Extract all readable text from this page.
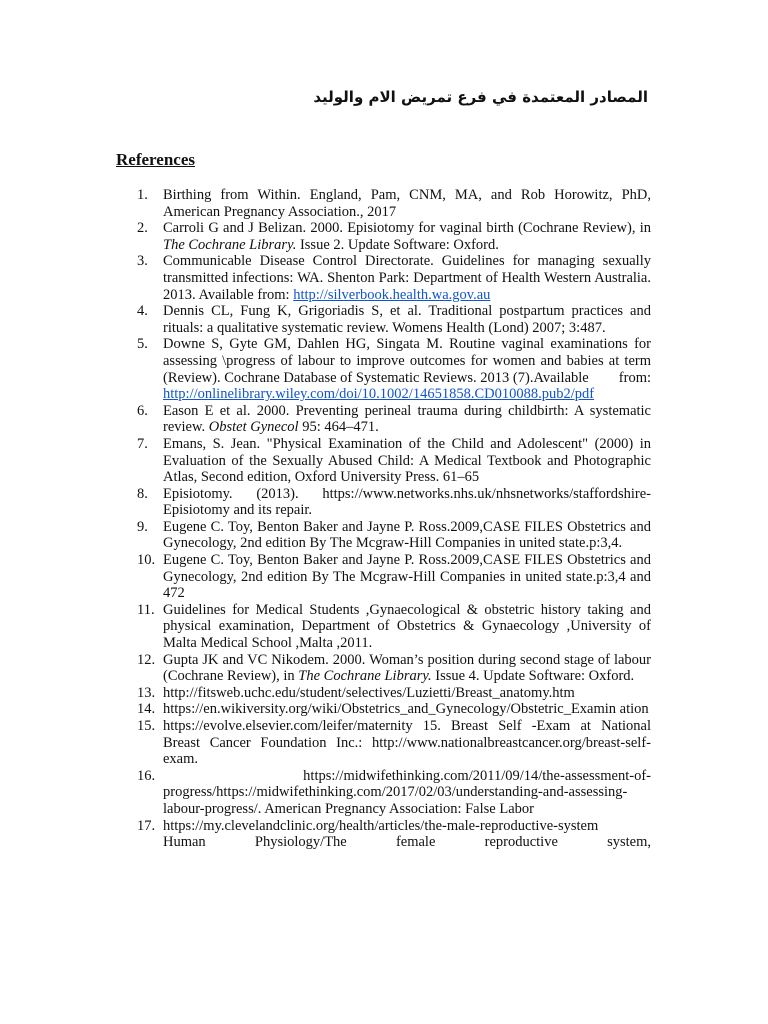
المصادر المعتمدة في فرع تمريض الام والوليد
References
1. Birthing from Within. England, Pam, CNM, MA, and Rob Horowitz, PhD, American Pregnancy Association., 2017
2. Carroli G and J Belizan. 2000. Episiotomy for vaginal birth (Cochrane Review), in The Cochrane Library. Issue 2. Update Software: Oxford.
3. Communicable Disease Control Directorate. Guidelines for managing sexually transmitted infections: WA. Shenton Park: Department of Health Western Australia. 2013. Available from: http://silverbook.health.wa.gov.au
4. Dennis CL, Fung K, Grigoriadis S, et al. Traditional postpartum practices and rituals: a qualitative systematic review. Womens Health (Lond) 2007; 3:487.
5. Downe S, Gyte GM, Dahlen HG, Singata M. Routine vaginal examinations for assessing \progress of labour to improve outcomes for women and babies at term (Review). Cochrane Database of Systematic Reviews. 2013 (7).Available	from:
http://onlinelibrary.wiley.com/doi/10.1002/14651858.CD010088.pub2/pdf
6. Eason E et al. 2000. Preventing perineal trauma during childbirth: A systematic review. Obstet Gynecol 95: 464–471.
7. Emans, S. Jean. "Physical Examination of the Child and Adolescent" (2000) in Evaluation of the Sexually Abused Child: A Medical Textbook and Photographic Atlas, Second edition, Oxford University Press. 61–65
8. Episiotomy. (2013). https://www.networks.nhs.uk/nhsnetworks/staffordshire-Episiotomy and its repair.
9. Eugene C. Toy, Benton Baker and Jayne P. Ross.2009,CASE FILES Obstetrics and Gynecology, 2nd edition By The Mcgraw-Hill Companies in united state.p:3,4.
10. Eugene C. Toy, Benton Baker and Jayne P. Ross.2009,CASE FILES Obstetrics and Gynecology, 2nd edition By The Mcgraw-Hill Companies in united state.p:3,4 and 472
11. Guidelines for Medical Students ,Gynaecological & obstetric history taking and physical examination, Department of Obstetrics & Gynaecology ,University of Malta Medical School ,Malta ,2011.
12. Gupta JK and VC Nikodem. 2000. Woman’s position during second stage of labour (Cochrane Review), in The Cochrane Library. Issue 4. Update Software: Oxford.
13. http://fitsweb.uchc.edu/student/selectives/Luzietti/Breast_anatomy.htm
14. https://en.wikiversity.org/wiki/Obstetrics_and_Gynecology/Obstetric_Examin ation
15. https://evolve.elsevier.com/leifer/maternity 15. Breast Self -Exam at National Breast Cancer Foundation Inc.: http://www.nationalbreastcancer.org/breast-self-exam.
16.	https://midwifethinking.com/2011/09/14/the-assessment-of-
progress/https://midwifethinking.com/2017/02/03/understanding-and-assessing-labour-progress/. American Pregnancy Association: False Labor
17. https://my.clevelandclinic.org/health/articles/the-male-reproductive-system
Human Physiology/The female reproductive system,
